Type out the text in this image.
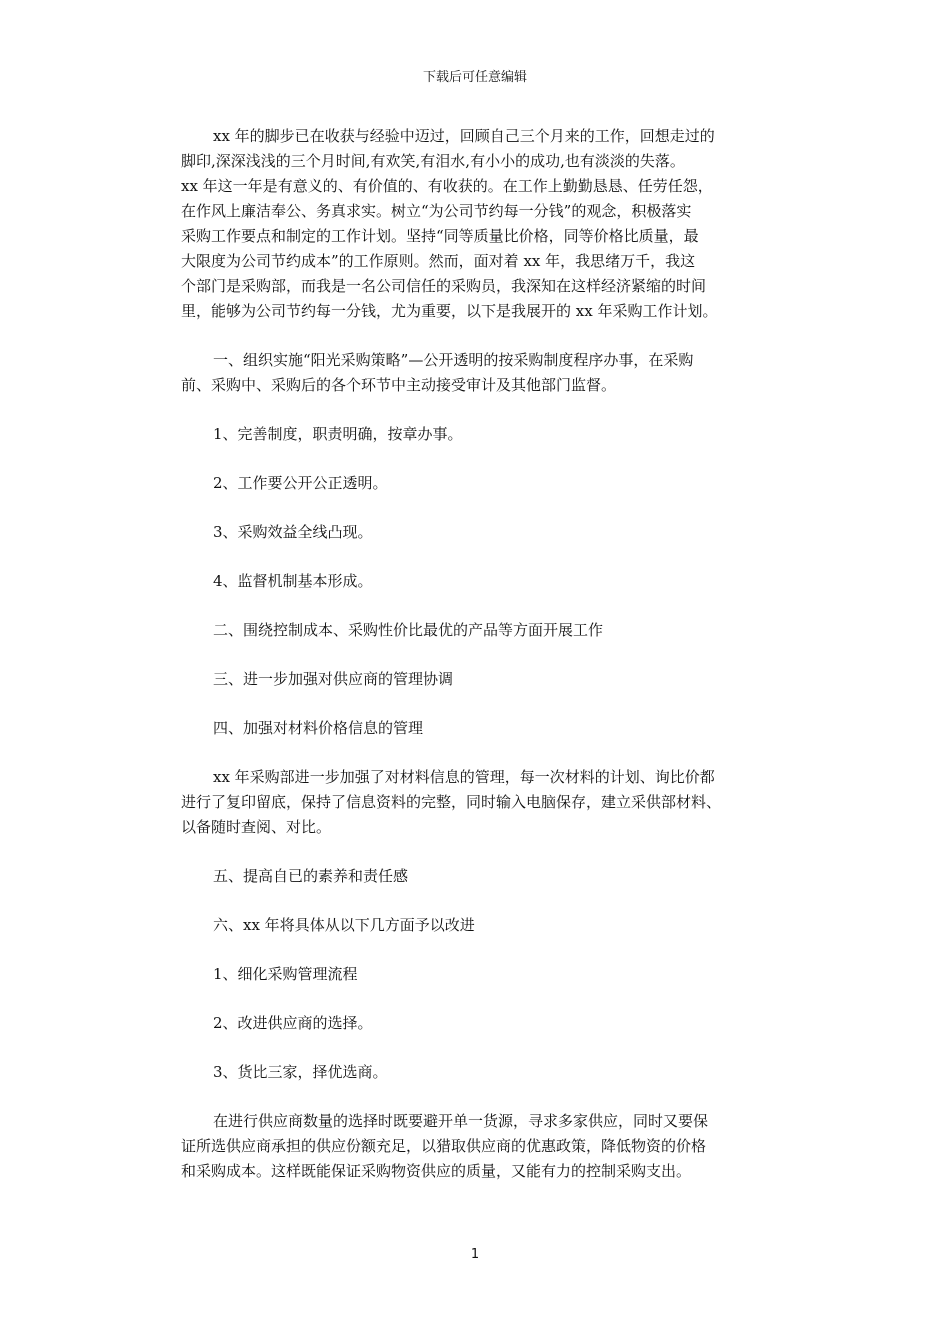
下载后可任意编辑

xx 年的脚步已在收获与经验中迈过，回顾自己三个月来的工作，回想走过的

脚印,深深浅浅的三个月时间,有欢笑,有泪水,有小小的成功,也有淡淡的失落。

xx 年这一年是有意义的、有价值的、有收获的。在工作上勤勤恳恳、任劳任怨，

在作风上廉洁奉公、务真求实。树立“为公司节约每一分钱”的观念，积极落实

采购工作要点和制定的工作计划。坚持“同等质量比价格，同等价格比质量，最

大限度为公司节约成本”的工作原则。然而，面对着 xx 年，我思绪万千，我这

个部门是采购部，而我是一名公司信任的采购员，我深知在这样经济紧缩的时间

里，能够为公司节约每一分钱，尤为重要，以下是我展开的 xx 年采购工作计划。

一、组织实施“阳光采购策略”—公开透明的按采购制度程序办事，在采购

前、采购中、采购后的各个环节中主动接受审计及其他部门监督。

1、完善制度，职责明确，按章办事。

2、工作要公开公正透明。

3、采购效益全线凸现。

4、监督机制基本形成。

二、围绕控制成本、采购性价比最优的产品等方面开展工作

三、进一步加强对供应商的管理协调

四、加强对材料价格信息的管理

xx 年采购部进一步加强了对材料信息的管理，每一次材料的计划、询比价都

进行了复印留底，保持了信息资料的完整，同时输入电脑保存，建立采供部材料、

以备随时查阅、对比。

五、提高自已的素养和责任感

六、xx 年将具体从以下几方面予以改进

1、细化采购管理流程

2、改进供应商的选择。

3、货比三家，择优选商。

在进行供应商数量的选择时既要避开单一货源，寻求多家供应，同时又要保

证所选供应商承担的供应份额充足，以猎取供应商的优惠政策，降低物资的价格

和采购成本。这样既能保证采购物资供应的质量，又能有力的控制采购支出。

1
